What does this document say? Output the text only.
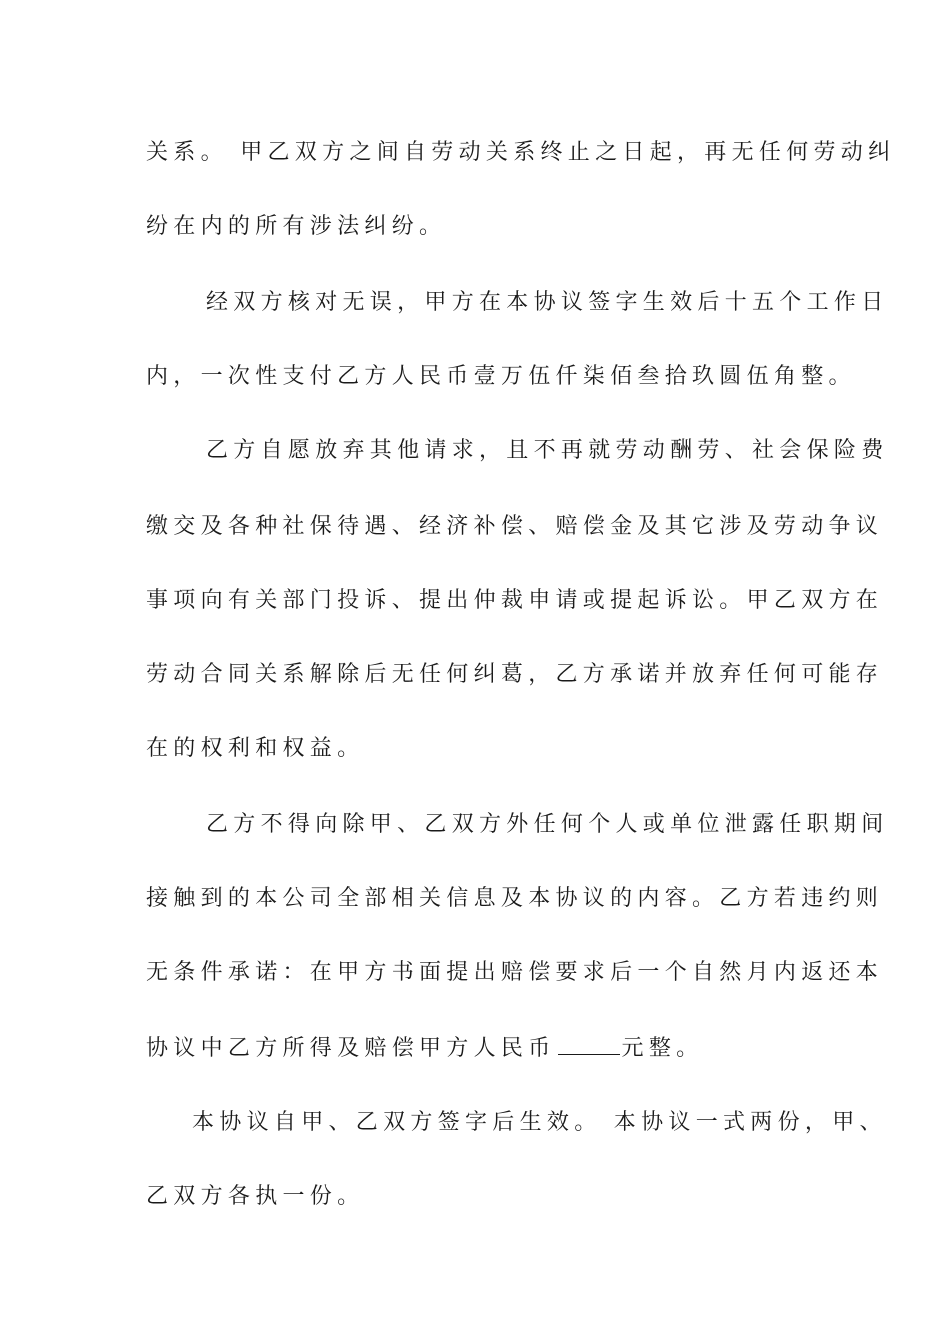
关系。 甲乙双方之间自劳动关系终止之日起，再无任何劳动纠
纷在内的所有涉法纠纷。
经双方核对无误，甲方在本协议签字生效后十五个工作日
内，一次性支付乙方人民币壹万伍仟柒佰叁拾玖圆伍角整。
乙方自愿放弃其他请求，且不再就劳动酬劳、社会保险费
缴交及各种社保待遇、经济补偿、赔偿金及其它涉及劳动争议
事项向有关部门投诉、提出仲裁申请或提起诉讼。甲乙双方在
劳动合同关系解除后无任何纠葛，乙方承诺并放弃任何可能存
在的权利和权益。
乙方不得向除甲、乙双方外任何个人或单位泄露任职期间
接触到的本公司全部相关信息及本协议的内容。乙方若违约则
无条件承诺：在甲方书面提出赔偿要求后一个自然月内返还本
协议中乙方所得及赔偿甲方人民币	元整。
本协议自甲、乙双方签字后生效。 本协议一式两份，甲、
乙双方各执一份。
